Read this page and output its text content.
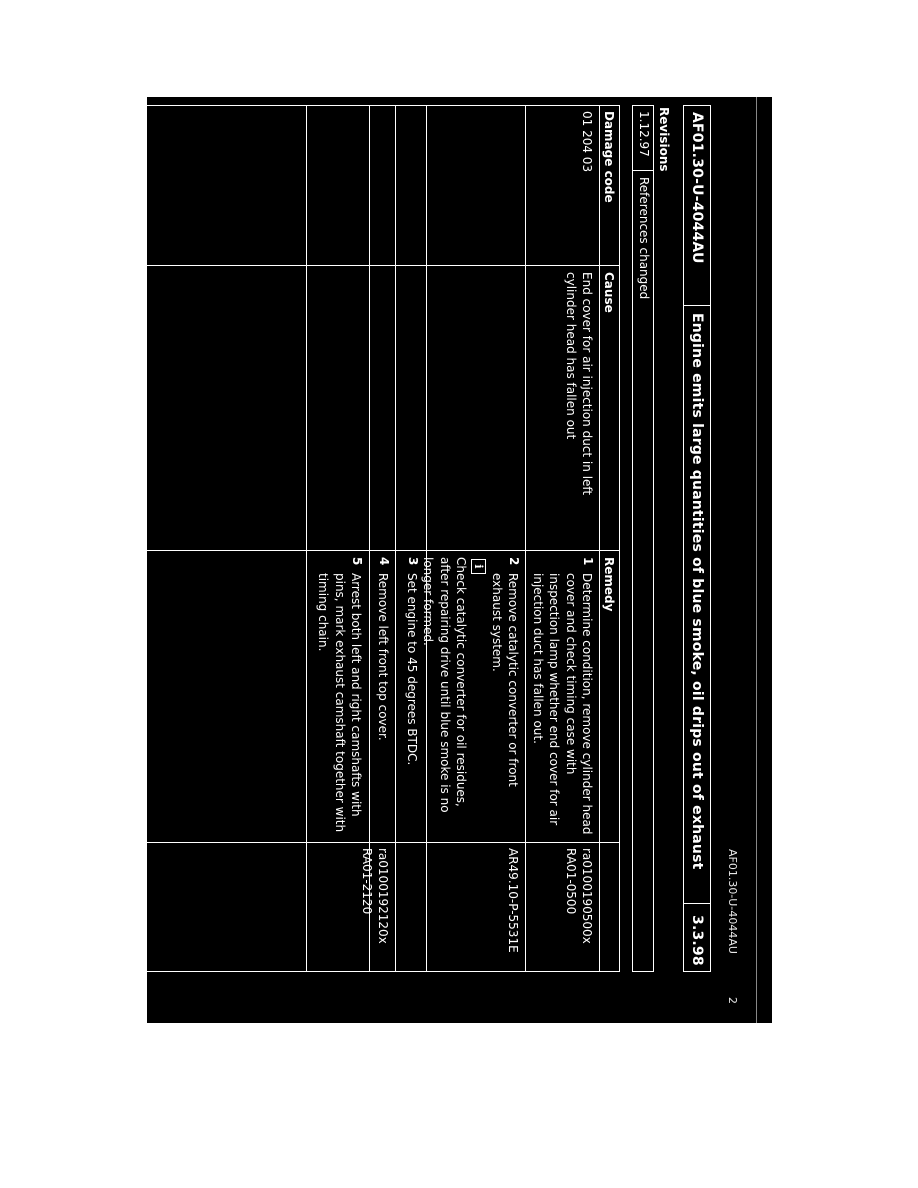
AF01.30-U-4044AU
2
AF01.30-U-4044AU
Engine emits large quantities of blue smoke, oil drips out of exhaust
3.3.98
Revisions
1.12.97
References changed
Damage code
Cause
Remedy
01 204 03
End cover for air injection duct in left cylinder head has fallen out
1
Determine condition, remove cylinder head cover and check timing case with inspection lamp whether end cover for air injection duct has fallen out.
ra0100190500x
RA01-0500
2
Remove catalytic converter or front exhaust system.
i
Check catalytic converter for oil residues, after repairing drive until blue smoke is no longer formed.
AR49.10-P-5531E
3
Set engine to 45 degrees BTDC.
4
Remove left front top cover.
ra0100192120x
RA01-2120
5
Arrest both left and right camshafts with pins, mark exhaust camshaft together with timing chain.
